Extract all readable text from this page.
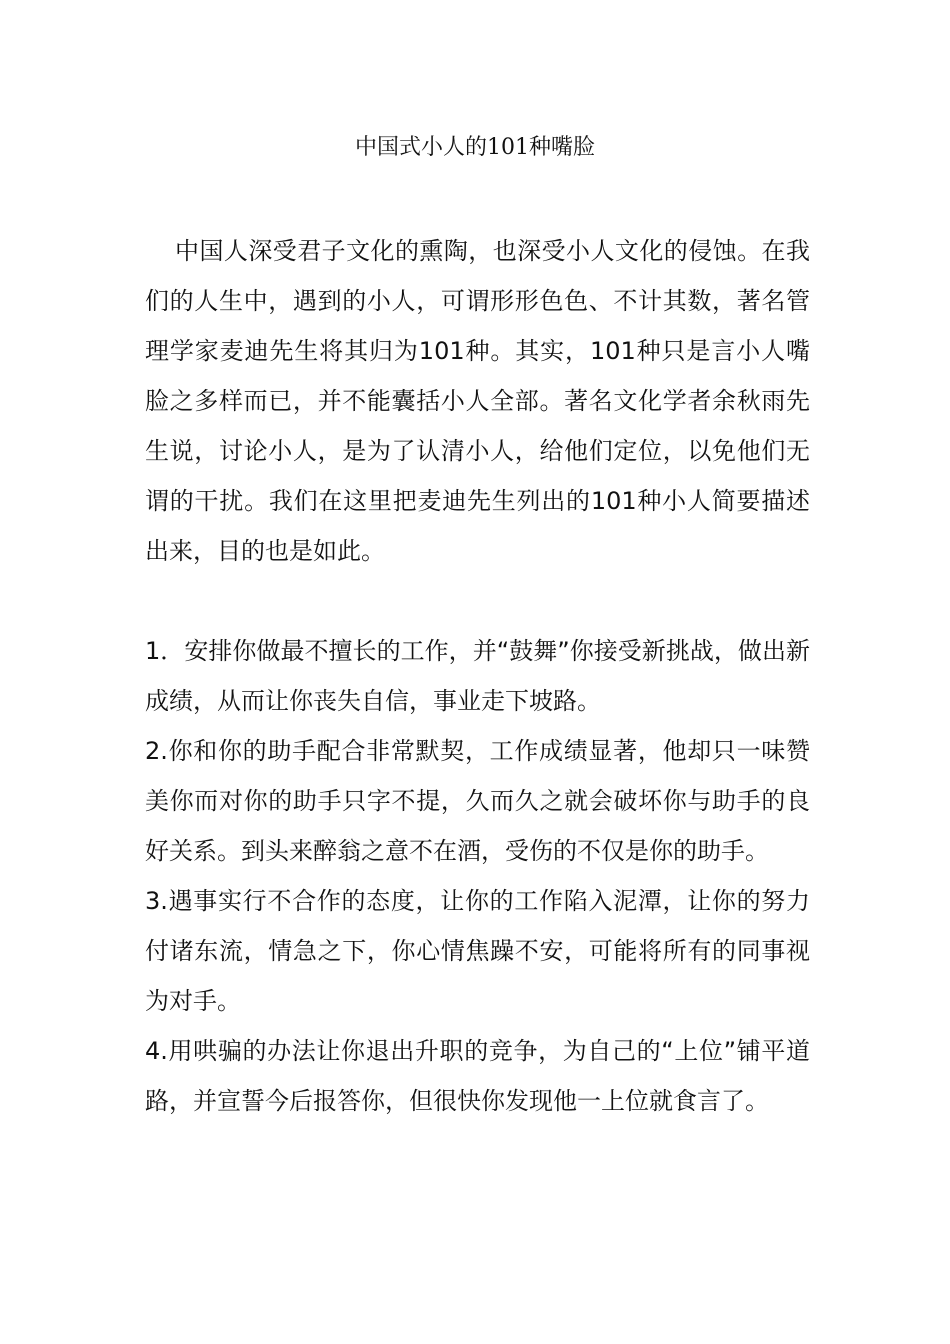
中国式小人的101种嘴脸

中国人深受君子文化的熏陶，也深受小人文化的侵蚀。在我们的人生中，遇到的小人，可谓形形色色、不计其数，著名管理学家麦迪先生将其归为101种。其实，101种只是言小人嘴脸之多样而已，并不能囊括小人全部。著名文化学者余秋雨先生说，讨论小人，是为了认清小人，给他们定位，以免他们无谓的干扰。我们在这里把麦迪先生列出的101种小人简要描述出来，目的也是如此。

1．安排你做最不擅长的工作，并“鼓舞”你接受新挑战，做出新成绩，从而让你丧失自信，事业走下坡路。

2.你和你的助手配合非常默契，工作成绩显著，他却只一味赞美你而对你的助手只字不提，久而久之就会破坏你与助手的良好关系。到头来醉翁之意不在酒，受伤的不仅是你的助手。

3.遇事实行不合作的态度，让你的工作陷入泥潭，让你的努力付诸东流，情急之下，你心情焦躁不安，可能将所有的同事视为对手。

4.用哄骗的办法让你退出升职的竞争，为自己的“上位”铺平道路，并宣誓今后报答你，但很快你发现他一上位就食言了。
